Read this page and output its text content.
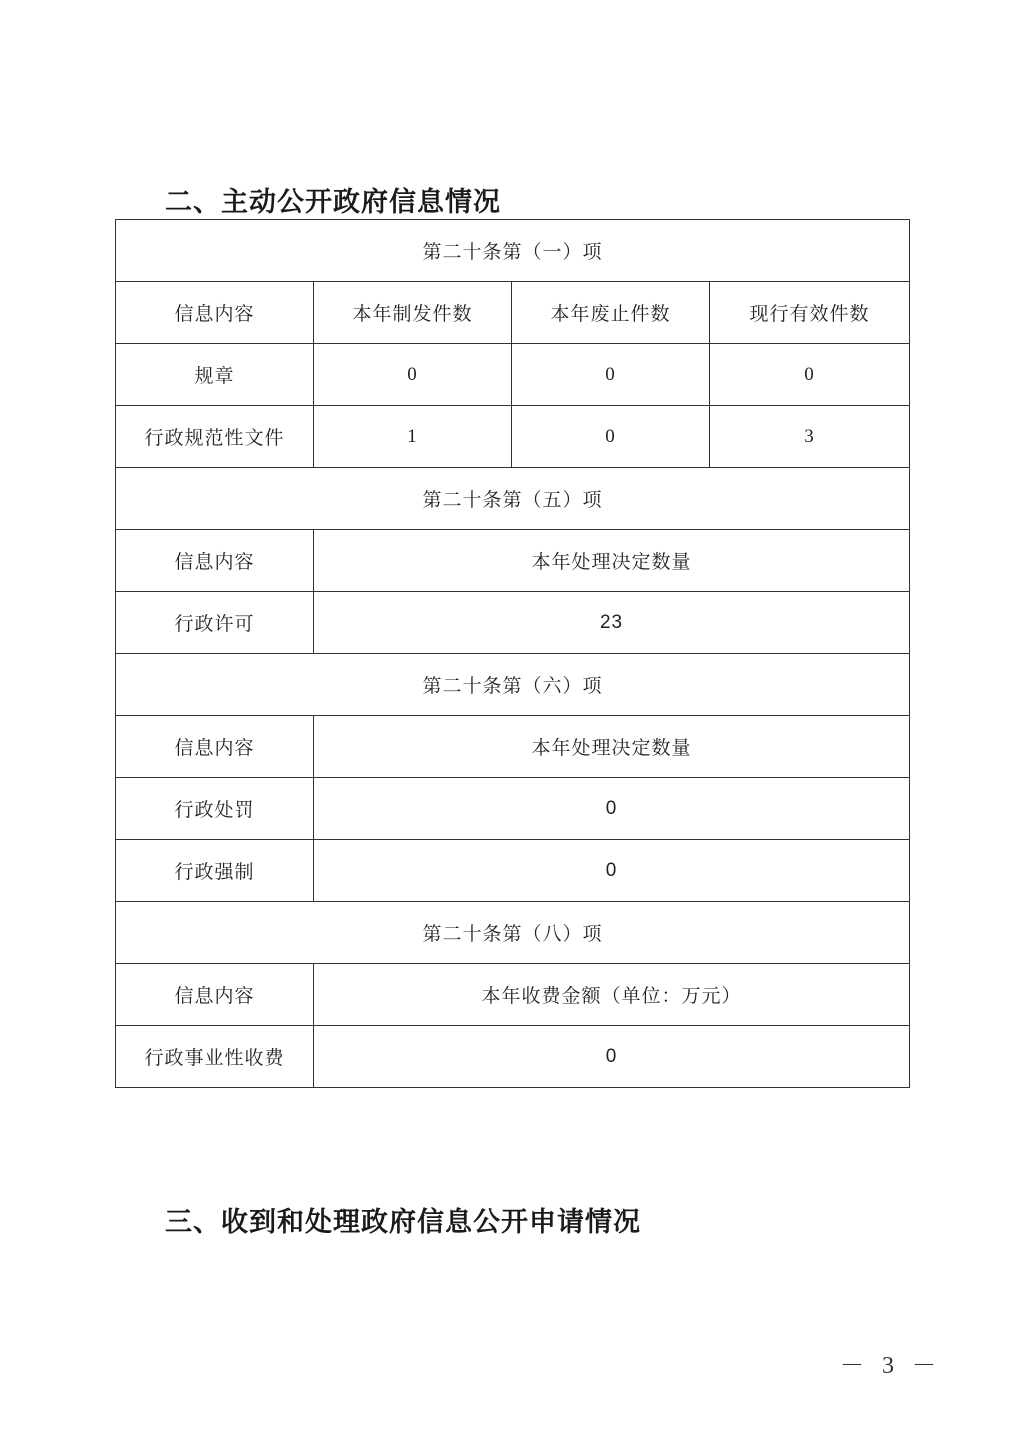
二、主动公开政府信息情况
第二十条第（一）项			
信息内容	本年制发件数	本年废止件数	现行有效件数
规章	0	0	0
行政规范性文件	1	0	3
第二十条第（五）项			
信息内容	本年处理决定数量		
行政许可	23		
第二十条第（六）项			
信息内容	本年处理决定数量		
行政处罚	0		
行政强制	0		
第二十条第（八）项			
信息内容	本年收费金额（单位：万元）		
行政事业性收费	0		
三、收到和处理政府信息公开申请情况
－ 3 －
